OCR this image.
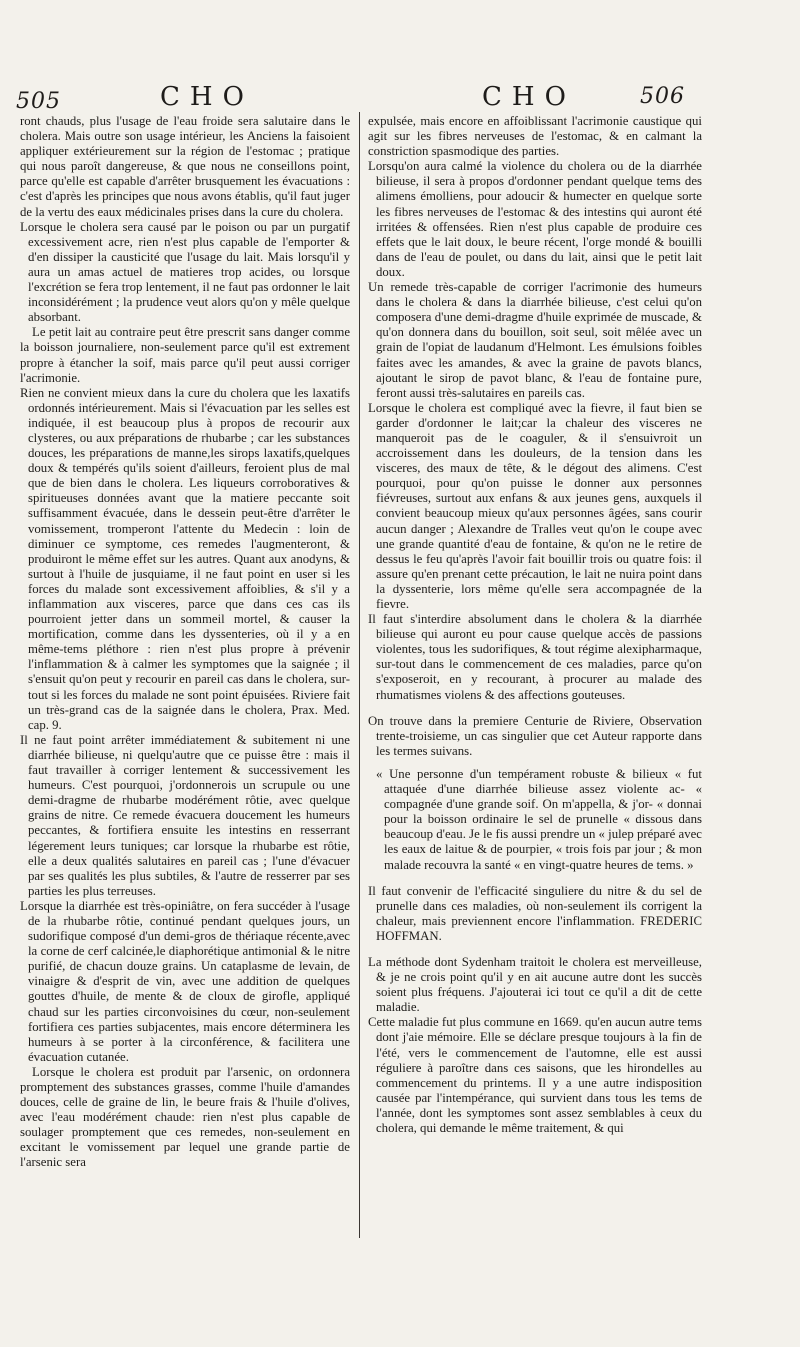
505	CHO	CHO	506

ront chauds, plus l'usage de l'eau froide sera salutaire dans le cholera. Mais outre son usage intérieur, les Anciens la faisoient appliquer extérieurement sur la région de l'estomac ; pratique qui nous paroît dangereuse, & que nous ne conseillons point, parce qu'elle est capable d'arrêter brusquement les évacuations : c'est d'après les principes que nous avons établis, qu'il faut juger de la vertu des eaux médicinales prises dans la cure du cholera.

Lorsque le cholera sera causé par le poison ou par un purgatif excessivement acre, rien n'est plus capable de l'emporter & d'en dissiper la causticité que l'usage du lait. Mais lorsqu'il y aura un amas actuel de matieres trop acides, ou lorsque l'excrétion se fera trop lentement, il ne faut pas ordonner le lait inconsidérément ; la prudence veut alors qu'on y mêle quelque absorbant.

Le petit lait au contraire peut être prescrit sans danger comme la boisson journaliere, non-seulement parce qu'il est extrement propre à étancher la soif, mais parce qu'il peut aussi corriger l'acrimonie.

Rien ne convient mieux dans la cure du cholera que les laxatifs ordonnés intérieurement. Mais si l'évacuation par les selles est indiquée, il est beaucoup plus à propos de recourir aux clysteres, ou aux préparations de rhubarbe ; car les substances douces, les préparations de manne,les sirops laxatifs,quelques doux & tempérés qu'ils soient d'ailleurs, feroient plus de mal que de bien dans le cholera. Les liqueurs corroboratives & spiritueuses données avant que la matiere peccante soit suffisamment évacuée, dans le dessein peut-être d'arrêter le vomissement, tromperont l'attente du Medecin : loin de diminuer ce symptome, ces remedes l'augmenteront, & produiront le même effet sur les autres. Quant aux anodyns, & surtout à l'huile de jusquiame, il ne faut point en user si les forces du malade sont excessivement affoiblies, & s'il y a inflammation aux visceres, parce que dans ces cas ils pourroient jetter dans un sommeil mortel, & causer la mortification, comme dans les dyssenteries, où il y a en même-tems pléthore : rien n'est plus propre à prévenir l'inflammation & à calmer les symptomes que la saignée ; il s'ensuit qu'on peut y recourir en pareil cas dans le cholera, sur-tout si les forces du malade ne sont point épuisées. Riviere fait un très-grand cas de la saignée dans le cholera, Prax. Med. cap. 9.

Il ne faut point arrêter immédiatement & subitement ni une diarrhée bilieuse, ni quelqu'autre que ce puisse être : mais il faut travailler à corriger lentement & successivement les humeurs. C'est pourquoi, j'ordonnerois un scrupule ou une demi-dragme de rhubarbe modérément rôtie, avec quelque grains de nitre. Ce remede évacuera doucement les humeurs peccantes, & fortifiera ensuite les intestins en resserrant légerement leurs tuniques; car lorsque la rhubarbe est rôtie, elle a deux qualités salutaires en pareil cas ; l'une d'évacuer par ses qualités les plus subtiles, & l'autre de resserrer par ses parties les plus terreuses.

Lorsque la diarrhée est très-opiniâtre, on fera succéder à l'usage de la rhubarbe rôtie, continué pendant quelques jours, un sudorifique composé d'un demi-gros de thériaque récente,avec la corne de cerf calcinée,le diaphorétique antimonial & le nitre purifié, de chacun douze grains. Un cataplasme de levain, de vinaigre & d'esprit de vin, avec une addition de quelques gouttes d'huile, de mente & de cloux de girofle, appliqué chaud sur les parties circonvoisines du cœur, non-seulement fortifiera ces parties subjacentes, mais encore déterminera les humeurs à se porter à la circonférence, & facilitera une évacuation cutanée.

Lorsque le cholera est produit par l'arsenic, on ordonnera promptement des substances grasses, comme l'huile d'amandes douces, celle de graine de lin, le beure frais & l'huile d'olives, avec l'eau modérément chaude: rien n'est plus capable de soulager promptement que ces remedes, non-seulement en excitant le vomissement par lequel une grande partie de l'arsenic sera

expulsée, mais encore en affoiblissant l'acrimonie caustique qui agit sur les fibres nerveuses de l'estomac, & en calmant la constriction spasmodique des parties.

Lorsqu'on aura calmé la violence du cholera ou de la diarrhée bilieuse, il sera à propos d'ordonner pendant quelque tems des alimens émolliens, pour adoucir & humecter en quelque sorte les fibres nerveuses de l'estomac & des intestins qui auront été irritées & offensées. Rien n'est plus capable de produire ces effets que le lait doux, le beure récent, l'orge mondé & bouilli dans de l'eau de poulet, ou dans du lait, ainsi que le petit lait doux.

Un remede très-capable de corriger l'acrimonie des humeurs dans le cholera & dans la diarrhée bilieuse, c'est celui qu'on composera d'une demi-dragme d'huile exprimée de muscade, & qu'on donnera dans du bouillon, soit seul, soit mêlée avec un grain de l'opiat de laudanum d'Helmont. Les émulsions foibles faites avec les amandes, & avec la graine de pavots blancs, ajoutant le sirop de pavot blanc, & l'eau de fontaine pure, feront aussi très-salutaires en pareils cas.

Lorsque le cholera est compliqué avec la fievre, il faut bien se garder d'ordonner le lait;car la chaleur des visceres ne manqueroit pas de le coaguler, & il s'ensuivroit un accroissement dans les douleurs, de la tension dans les visceres, des maux de tête, & le dégout des alimens. C'est pourquoi, pour qu'on puisse le donner aux personnes fiévreuses, surtout aux enfans & aux jeunes gens, auxquels il convient beaucoup mieux qu'aux personnes âgées, sans courir aucun danger ; Alexandre de Tralles veut qu'on le coupe avec une grande quantité d'eau de fontaine, & qu'on ne le retire de dessus le feu qu'après l'avoir fait bouillir trois ou quatre fois: il assure qu'en prenant cette précaution, le lait ne nuira point dans la dyssenterie, lors même qu'elle sera accompagnée de la fievre.

Il faut s'interdire absolument dans le cholera & la diarrhée bilieuse qui auront eu pour cause quelque accès de passions violentes, tous les sudorifiques, & tout régime alexipharmaque, sur-tout dans le commencement de ces maladies, parce qu'on s'exposeroit, en y recourant, à procurer au malade des rhumatismes violens & des affections gouteuses.

On trouve dans la premiere Centurie de Riviere, Observation trente-troisieme, un cas singulier que cet Auteur rapporte dans les termes suivans.

« Une personne d'un tempérament robuste & bilieux « fut attaquée d'une diarrhée bilieuse assez violente ac- « compagnée d'une grande soif. On m'appella, & j'or- « donnai pour la boisson ordinaire le sel de prunelle « dissous dans beaucoup d'eau. Je le fis aussi prendre un « julep préparé avec les eaux de laitue & de pourpier, « trois fois par jour ; & mon malade recouvra la santé « en vingt-quatre heures de tems. »

Il faut convenir de l'efficacité singuliere du nitre & du sel de prunelle dans ces maladies, où non-seulement ils corrigent la chaleur, mais previennent encore l'inflammation. FREDERIC HOFFMAN.

La méthode dont Sydenham traitoit le cholera est merveilleuse, & je ne crois point qu'il y en ait aucune autre dont les succès soient plus fréquens. J'ajouterai ici tout ce qu'il a dit de cette maladie.

Cette maladie fut plus commune en 1669. qu'en aucun autre tems dont j'aie mémoire. Elle se déclare presque toujours à la fin de l'été, vers le commencement de l'automne, elle est aussi réguliere à paroître dans ces saisons, que les hirondelles au commencement du printems. Il y a une autre indisposition causée par l'intempérance, qui survient dans tous les tems de l'année, dont les symptomes sont assez semblables à ceux du cholera, qui demande le même traitement, & qui
